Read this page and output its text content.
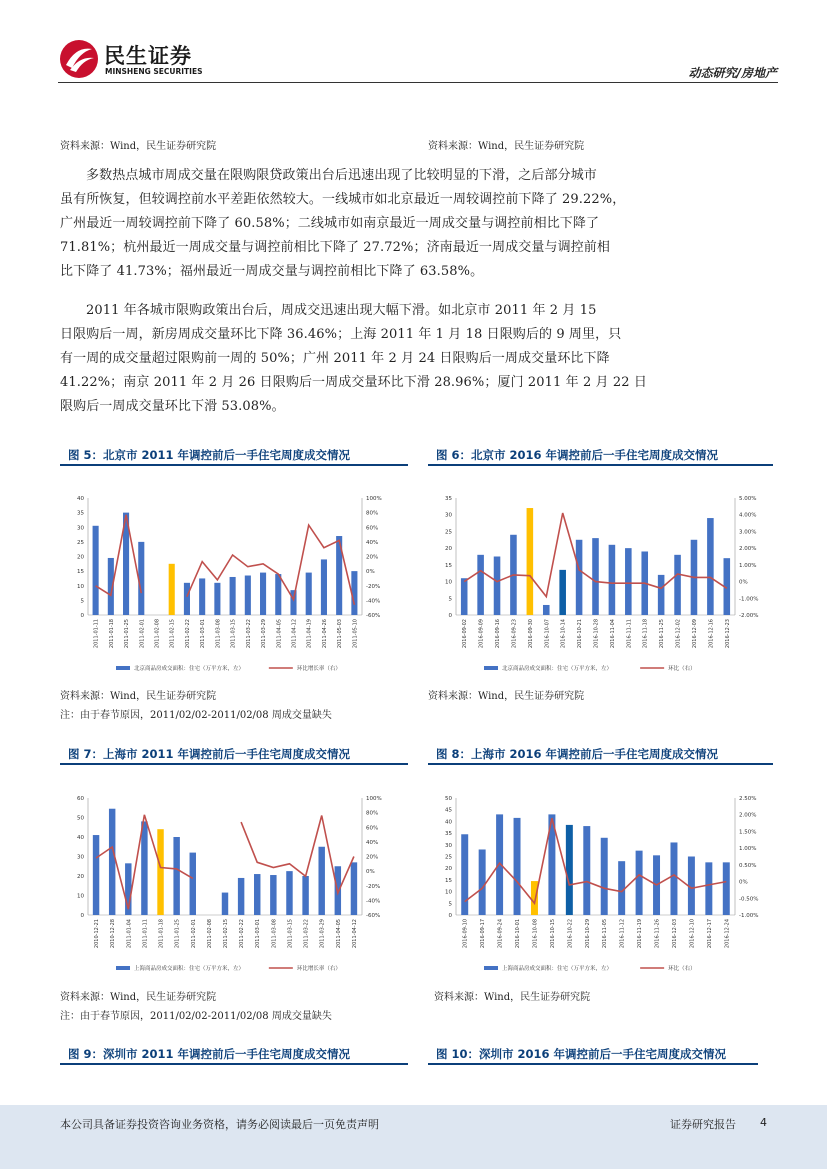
民生证券
MINSHENG SECURITIES	动态研究/房地产
资料来源：Wind，民生证券研究院	资料来源：Wind，民生证券研究院
多数热点城市周成交量在限购限贷政策出台后迅速出现了比较明显的下滑，之后部分城市
虽有所恢复，但较调控前水平差距依然较大。一线城市如北京最近一周较调控前下降了 29.22%，
广州最近一周较调控前下降了 60.58%；二线城市如南京最近一周成交量与调控前相比下降了
71.81%；杭州最近一周成交量与调控前相比下降了 27.72%；济南最近一周成交量与调控前相
比下降了 41.73%；福州最近一周成交量与调控前相比下降了 63.58%。
2011 年各城市限购政策出台后，周成交迅速出现大幅下滑。如北京市 2011 年 2 月 15
日限购后一周，新房周成交量环比下降 36.46%；上海 2011 年 1 月 18 日限购后的 9 周里，只
有一周的成交量超过限购前一周的 50%；广州 2011 年 2 月 24 日限购后一周成交量环比下降
41.22%；南京 2011 年 2 月 26 日限购后一周成交量环比下滑 28.96%；厦门 2011 年 2 月 22 日
限购后一周成交量环比下滑 53.08%。
图 5：北京市 2011 年调控前后一手住宅周度成交情况	图 6：北京市 2016 年调控前后一手住宅周度成交情况
0
5
10
15
20
25
30
35
40
-60%
-40%
-20%
0%
20%
40%
60%
80%
100%
2011-01-11 2011-01-18 2011-01-25 2011-02-01 2011-02-08 2011-02-15 2011-02-22 2011-03-01 2011-03-08 2011-03-15 2011-03-22 2011-03-29 2011-04-05 2011-04-12 2011-04-19 2011-04-26 2011-05-03 2011-05-10
北京商品房成交面积：住宅（万平方米，左）	环比增长率（右）
0
5
10
15
20
25
30
35
-2.00%
-1.00%
0%
1.00%
2.00%
3.00%
4.00%
5.00%
2016-09-02 2016-09-09 2016-09-16 2016-09-23 2016-09-30 2016-10-07 2016-10-14 2016-10-21 2016-10-28 2016-11-04 2016-11-11 2016-11-18 2016-11-25 2016-12-02 2016-12-09 2016-12-16 2016-12-23
北京商品房成交面积：住宅（万平方米，左）	环比（右）
资料来源：Wind，民生证券研究院
注：由于春节原因，2011/02/02-2011/02/08 周成交量缺失
资料来源：Wind，民生证券研究院
图 7：上海市 2011 年调控前后一手住宅周度成交情况	图 8：上海市 2016 年调控前后一手住宅周度成交情况
0
10
20
30
40
50
60
-60%
-40%
-20%
0%
20%
40%
60%
80%
100%
2010-12-21 2010-12-28 2011-01-04 2011-01-11 2011-01-18 2011-01-25 2011-02-01 2011-02-08 2011-02-15 2011-02-22 2011-03-01 2011-03-08 2011-03-15 2011-03-22 2011-03-29 2011-04-05 2011-04-12
上海商品房成交面积：住宅（万平方米，左）	环比增长率（右）
0
5
10
15
20
25
30
35
40
45
50
-1.00%
-0.50%
0%
0.50%
1.00%
1.50%
2.00%
2.50%
2016-09-10 2016-09-17 2016-09-24 2016-10-01 2016-10-08 2016-10-15 2016-10-22 2016-10-29 2016-11-05 2016-11-12 2016-11-19 2016-11-26 2016-12-03 2016-12-10 2016-12-17 2016-12-24
上海商品房成交面积：住宅（万平方米，左）	环比（右）
资料来源：Wind，民生证券研究院
注：由于春节原因，2011/02/02-2011/02/08 周成交量缺失
资料来源：Wind，民生证券研究院
图 9：深圳市 2011 年调控前后一手住宅周度成交情况	图 10：深圳市 2016 年调控前后一手住宅周度成交情况
本公司具备证券投资咨询业务资格，请务必阅读最后一页免责声明	证券研究报告 4
